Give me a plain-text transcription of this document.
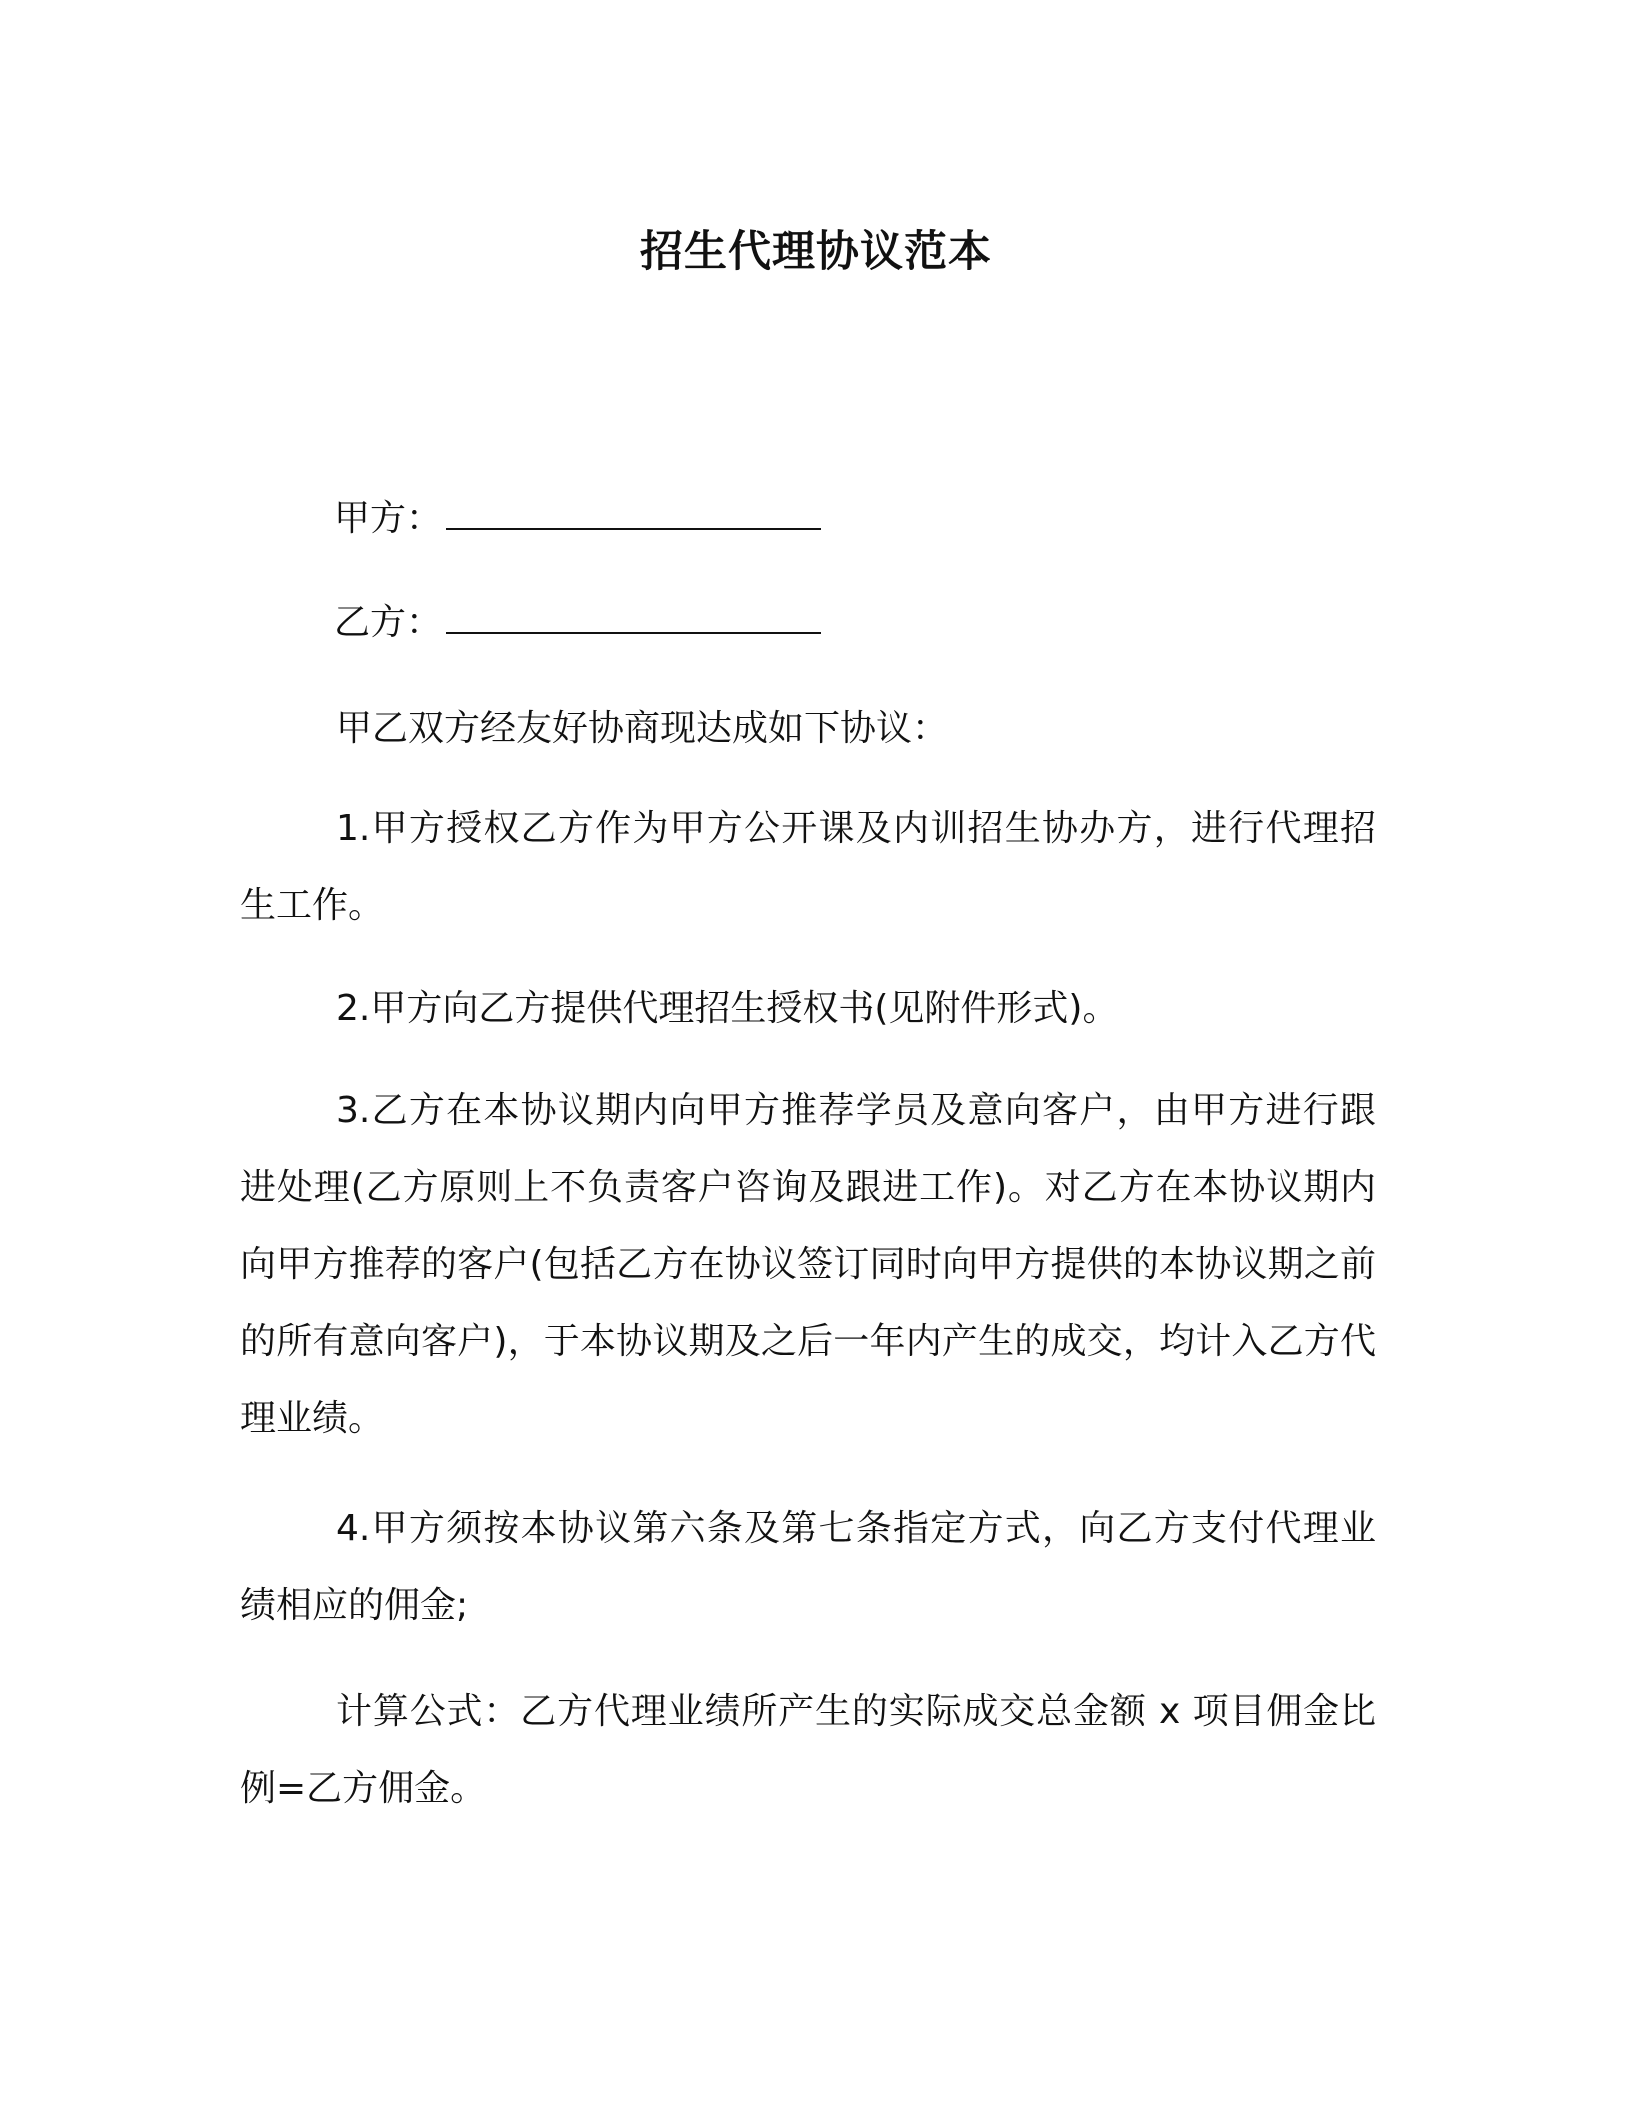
招生代理协议范本
甲方：
乙方：

甲乙双方经友好协商现达成如下协议：

1.甲方授权乙方作为甲方公开课及内训招生协办方，进行代理招生工作。

2.甲方向乙方提供代理招生授权书(见附件形式)。

3.乙方在本协议期内向甲方推荐学员及意向客户，由甲方进行跟进处理(乙方原则上不负责客户咨询及跟进工作)。对乙方在本协议期内向甲方推荐的客户(包括乙方在协议签订同时向甲方提供的本协议期之前的所有意向客户)，于本协议期及之后一年内产生的成交，均计入乙方代理业绩。

4.甲方须按本协议第六条及第七条指定方式，向乙方支付代理业绩相应的佣金;

计算公式：乙方代理业绩所产生的实际成交总金额 x 项目佣金比例=乙方佣金。
